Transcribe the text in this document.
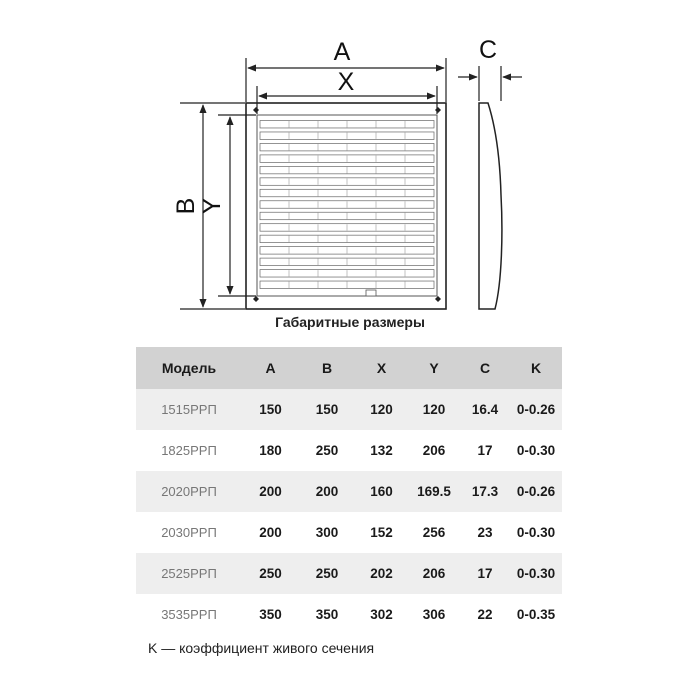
A
X
B
Y
C
Габаритные размеры
Модель	A	B	X	Y	C	K
1515РРП	150	150	120	120	16.4	0-0.26
1825РРП	180	250	132	206	17	0-0.30
2020РРП	200	200	160	169.5	17.3	0-0.26
2030РРП	200	300	152	256	23	0-0.30
2525РРП	250	250	202	206	17	0-0.30
3535РРП	350	350	302	306	22	0-0.35
K — коэффициент живого сечения
